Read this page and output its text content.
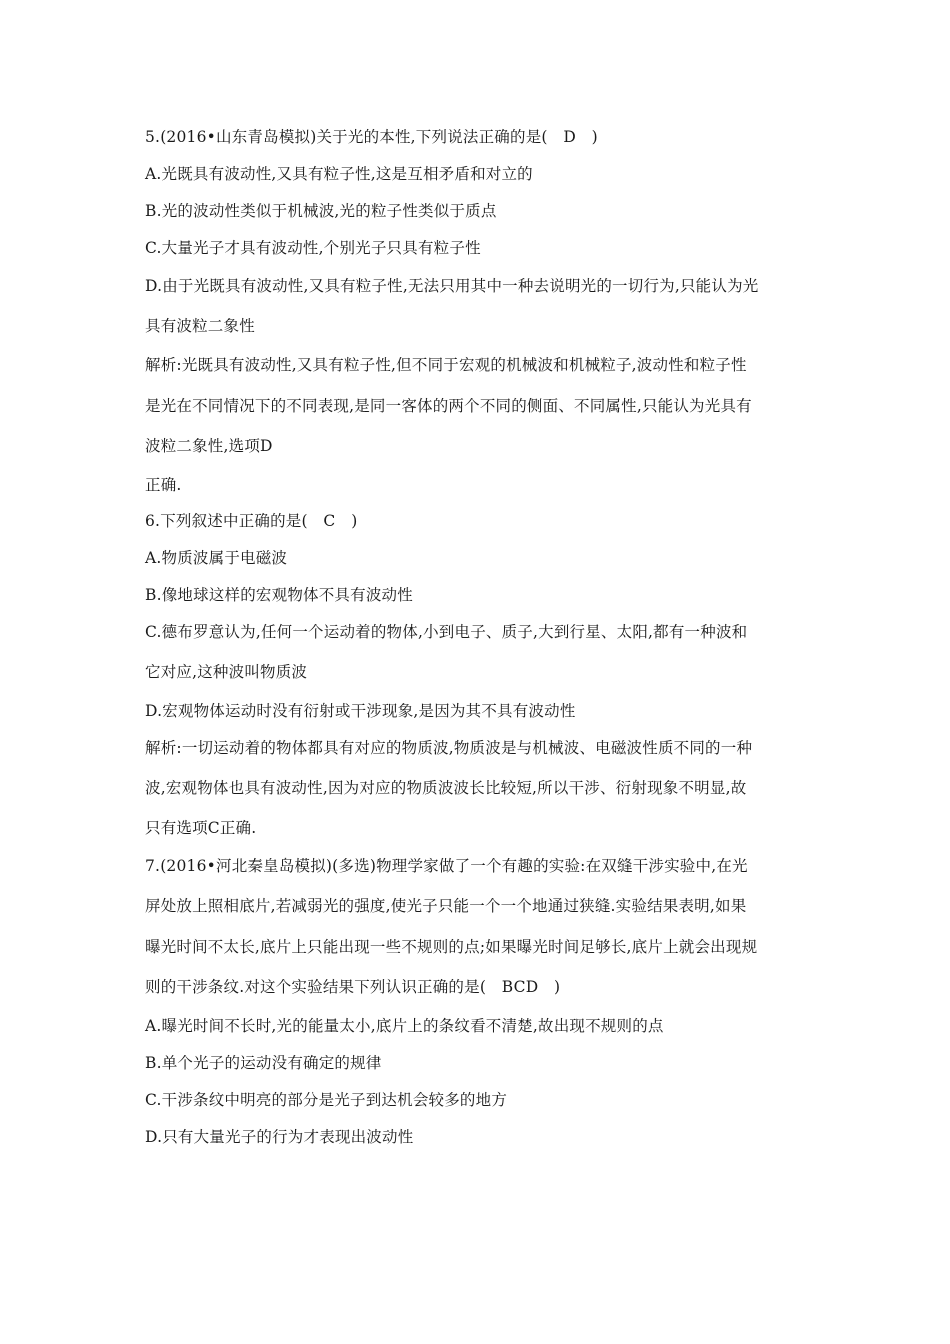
5.(2016•山东青岛模拟)关于光的本性,下列说法正确的是(　D　)
A.光既具有波动性,又具有粒子性,这是互相矛盾和对立的
B.光的波动性类似于机械波,光的粒子性类似于质点
C.大量光子才具有波动性,个别光子只具有粒子性
D.由于光既具有波动性,又具有粒子性,无法只用其中一种去说明光的一切行为,只能认为光
具有波粒二象性
解析:光既具有波动性,又具有粒子性,但不同于宏观的机械波和机械粒子,波动性和粒子性
是光在不同情况下的不同表现,是同一客体的两个不同的侧面、不同属性,只能认为光具有
波粒二象性,选项D
正确.
6.下列叙述中正确的是(　C　)
A.物质波属于电磁波
B.像地球这样的宏观物体不具有波动性
C.德布罗意认为,任何一个运动着的物体,小到电子、质子,大到行星、太阳,都有一种波和
它对应,这种波叫物质波
D.宏观物体运动时没有衍射或干涉现象,是因为其不具有波动性
解析:一切运动着的物体都具有对应的物质波,物质波是与机械波、电磁波性质不同的一种
波,宏观物体也具有波动性,因为对应的物质波波长比较短,所以干涉、衍射现象不明显,故
只有选项C正确.
7.(2016•河北秦皇岛模拟)(多选)物理学家做了一个有趣的实验:在双缝干涉实验中,在光
屏处放上照相底片,若减弱光的强度,使光子只能一个一个地通过狭缝.实验结果表明,如果
曝光时间不太长,底片上只能出现一些不规则的点;如果曝光时间足够长,底片上就会出现规
则的干涉条纹.对这个实验结果下列认识正确的是(　BCD　)
A.曝光时间不长时,光的能量太小,底片上的条纹看不清楚,故出现不规则的点
B.单个光子的运动没有确定的规律
C.干涉条纹中明亮的部分是光子到达机会较多的地方
D.只有大量光子的行为才表现出波动性
